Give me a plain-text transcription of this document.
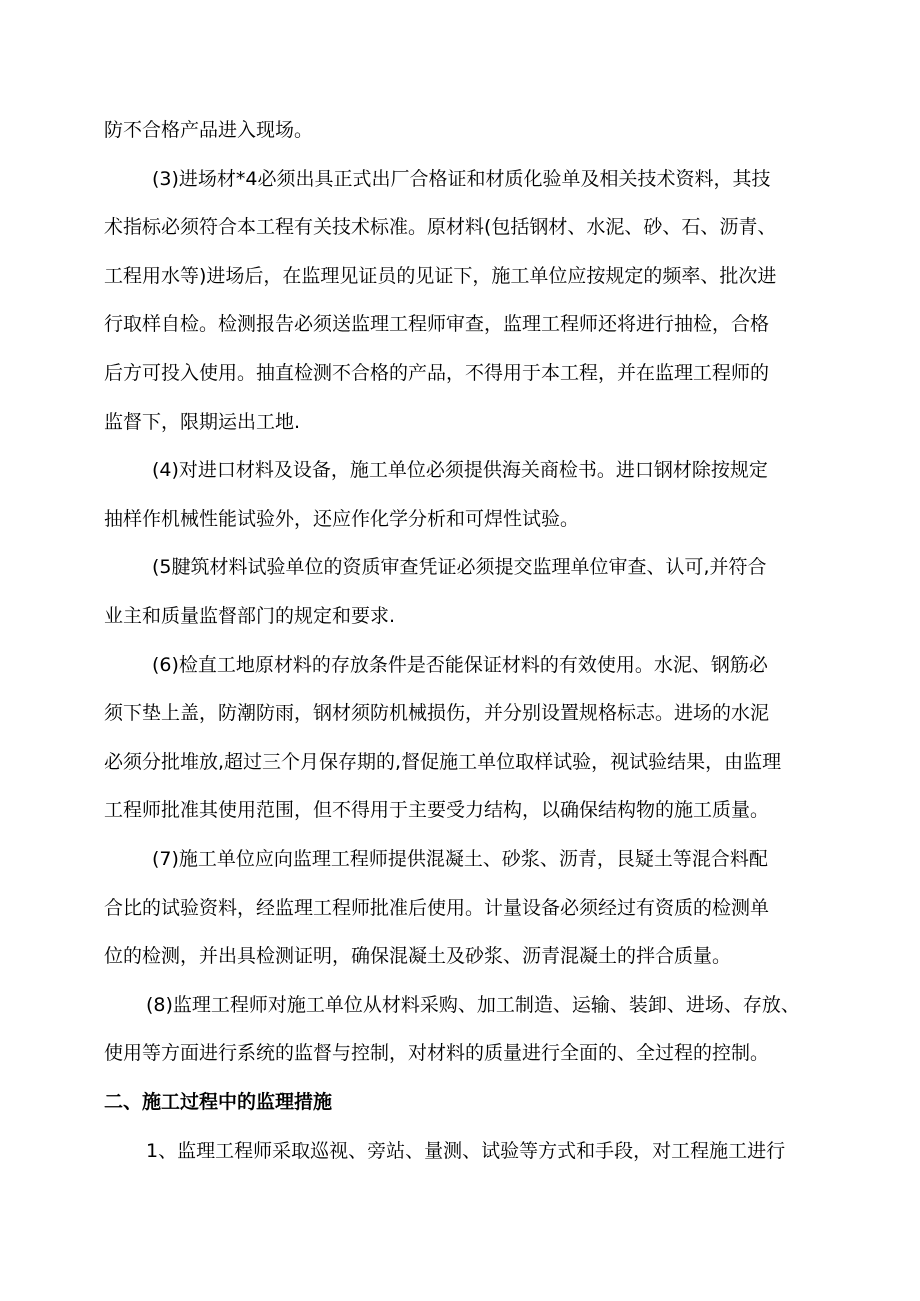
防不合格产品进入现场。
(3)进场材*4必须出具正式出厂合格证和材质化验单及相关技术资料，其技
术指标必须符合本工程有关技术标准。原材料(包括钢材、水泥、砂、石、沥青、
工程用水等)进场后，在监理见证员的见证下，施工单位应按规定的频率、批次进
行取样自检。检测报告必须送监理工程师审查，监理工程师还将进行抽检，合格
后方可投入使用。抽直检测不合格的产品，不得用于本工程，并在监理工程师的
监督下，限期运出工地.
(4)对进口材料及设备，施工单位必须提供海关商检书。进口钢材除按规定
抽样作机械性能试验外，还应作化学分析和可焊性试验。
(5腱筑材料试验单位的资质审查凭证必须提交监理单位审查、认可,并符合
业主和质量监督部门的规定和要求.
(6)检直工地原材料的存放条件是否能保证材料的有效使用。水泥、钢筋必
须下垫上盖，防潮防雨，钢材须防机械损伤，并分别设置规格标志。进场的水泥
必须分批堆放,超过三个月保存期的,督促施工单位取样试验，视试验结果，由监理
工程师批准其使用范围，但不得用于主要受力结构，以确保结构物的施工质量。
(7)施工单位应向监理工程师提供混凝土、砂浆、沥青，艮疑土等混合料配
合比的试验资料，经监理工程师批准后使用。计量设备必须经过有资质的检测单
位的检测，并出具检测证明，确保混凝土及砂浆、沥青混凝土的拌合质量。
(8)监理工程师对施工单位从材料采购、加工制造、运输、装卸、进场、存放、
使用等方面进行系统的监督与控制，对材料的质量进行全面的、全过程的控制。
二、施工过程中的监理措施
1、监理工程师采取巡视、旁站、量测、试验等方式和手段，对工程施工进行
